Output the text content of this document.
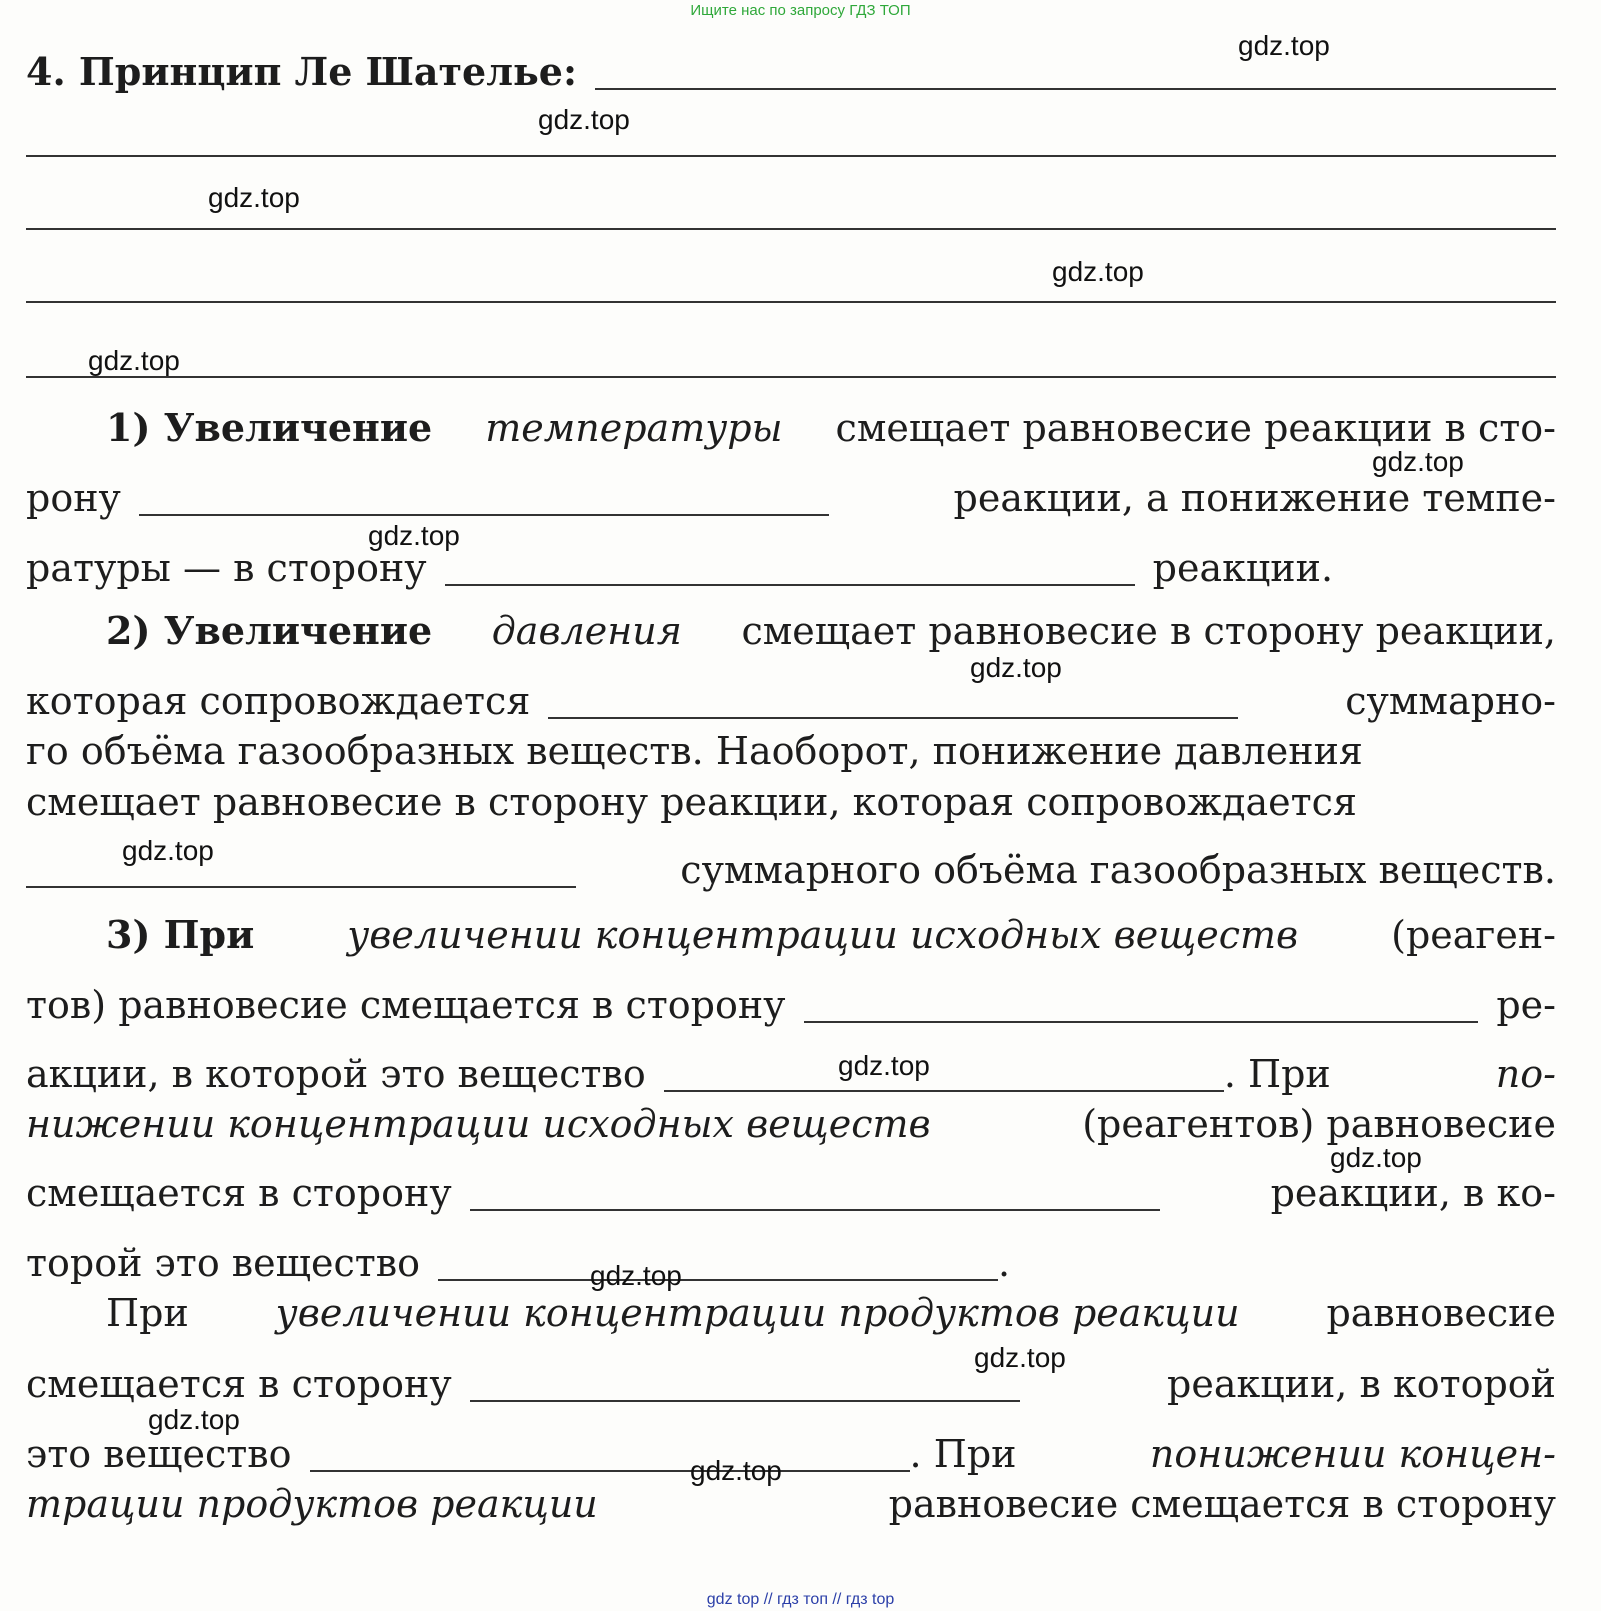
Ищите нас по запросу ГДЗ ТОП
4. Принцип Ле Шателье:
1) Увеличение температуры смещает равновесие реакции в сто-
рону	реакции, а понижение темпе-
ратуры — в сторону	реакции.
2) Увеличение давления смещает равновесие в сторону реакции,
которая сопровождается	суммарно-
го объёма газообразных веществ. Наоборот, понижение давления
смещает равновесие в сторону реакции, которая сопровождается
суммарного объёма газообразных веществ.
3) При увеличении концентрации исходных веществ (реаген-
тов) равновесие смещается в сторону	ре-
акции, в которой это вещество	. При	по-
нижении концентрации исходных веществ	(реагентов) равновесие
смещается в сторону	реакции, в ко-
торой это вещество	.
При увеличении концентрации продуктов реакции равновесие
смещается в сторону	реакции, в которой
это вещество	. При	понижении концен-
трации продуктов реакции	равновесие смещается в сторону
gdz.top
gdz.top
gdz.top
gdz.top
gdz.top
gdz.top
gdz.top
gdz.top
gdz.top
gdz.top
gdz.top
gdz.top
gdz.top
gdz.top
gdz.top
gdz top // гдз топ // гдз top
